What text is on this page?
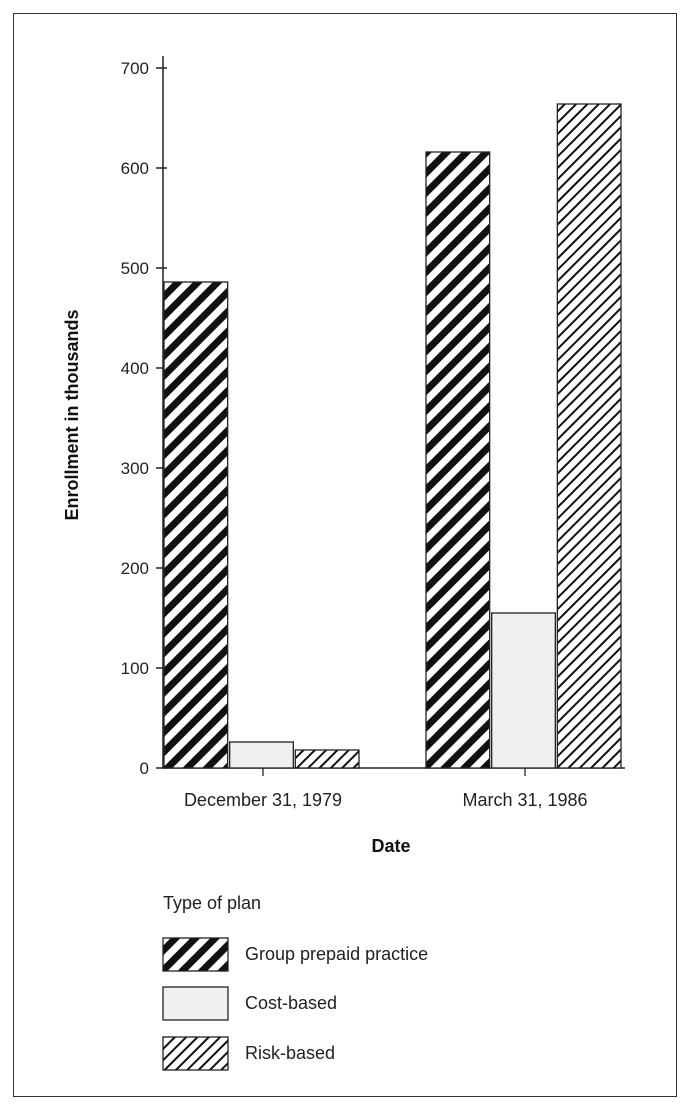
0
100
200
300
400
500
600
700
December 31, 1979	March 31, 1986
Date
Enrollment in thousands
Type of plan
Group prepaid practice
Cost-based
Risk-based
